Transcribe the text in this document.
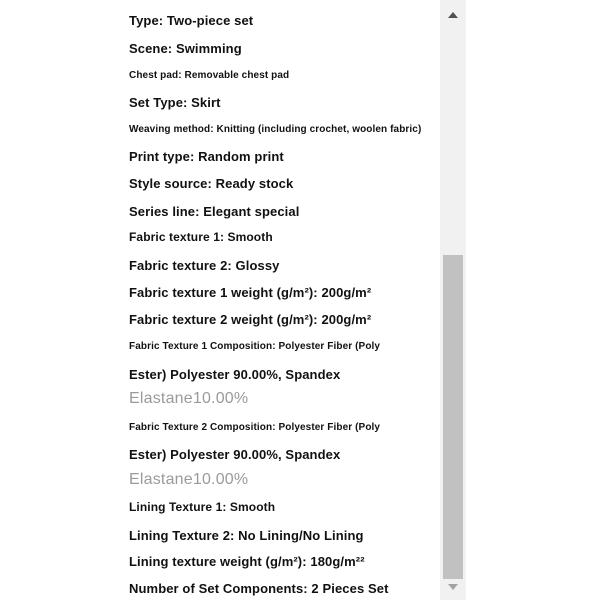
Type: Two-piece set
Scene: Swimming
Chest pad: Removable chest pad
Set Type: Skirt
Weaving method: Knitting (including crochet, woolen fabric)
Print type: Random print
Style source: Ready stock
Series line: Elegant special
Fabric texture 1: Smooth
Fabric texture 2: Glossy
Fabric texture 1 weight (g/m²): 200g/m²
Fabric texture 2 weight (g/m²): 200g/m²
Fabric Texture 1 Composition: Polyester Fiber (Poly
Ester) Polyester 90.00%, Spandex
Elastane10.00%
Fabric Texture 2 Composition: Polyester Fiber (Poly
Ester) Polyester 90.00%, Spandex
Elastane10.00%
Lining Texture 1: Smooth
Lining Texture 2: No Lining/No Lining
Lining texture weight (g/m²): 180g/m²²
Number of Set Components: 2 Pieces Set
